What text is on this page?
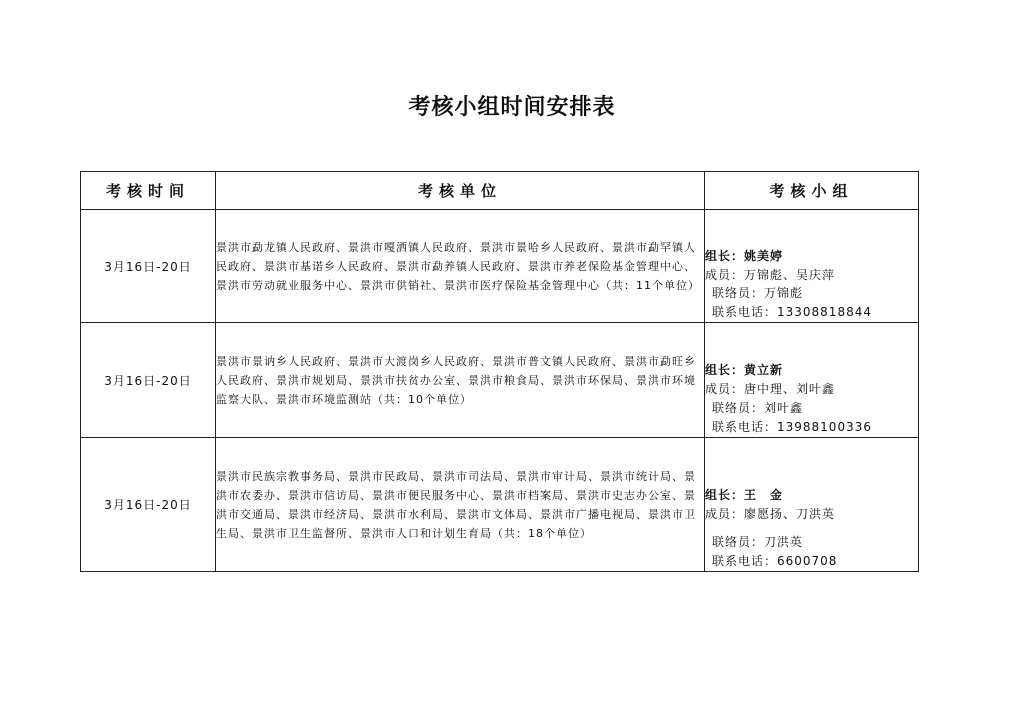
考核小组时间安排表
考核时间	考核单位	考核小组
3月16日-20日	景洪市勐龙镇人民政府、景洪市嘎洒镇人民政府、景洪市景哈乡人民政府、景洪市勐罕镇人民政府、景洪市基诺乡人民政府、景洪市勐养镇人民政府、景洪市养老保险基金管理中心、景洪市劳动就业服务中心、景洪市供销社、景洪市医疗保险基金管理中心（共：11个单位）	组长：姚美婷
成员：万锦彪、吴庆萍
联络员：万锦彪
联系电话：13308818844

3月16日-20日	景洪市景讷乡人民政府、景洪市大渡岗乡人民政府、景洪市普文镇人民政府、景洪市勐旺乡人民政府、景洪市规划局、景洪市扶贫办公室、景洪市粮食局、景洪市环保局、景洪市环境监察大队、景洪市环境监测站（共：10个单位）	组长：黄立新
成员：唐中理、刘叶鑫
联络员：刘叶鑫
联系电话：13988100336

3月16日-20日	景洪市民族宗教事务局、景洪市民政局、景洪市司法局、景洪市审计局、景洪市统计局、景洪市农委办、景洪市信访局、景洪市便民服务中心、景洪市档案局、景洪市史志办公室、景洪市交通局、景洪市经济局、景洪市水利局、景洪市文体局、景洪市广播电视局、景洪市卫生局、景洪市卫生监督所、景洪市人口和计划生育局（共：18个单位）	组长：王　金
成员：廖愿扬、刀洪英
联络员：刀洪英
联系电话：6600708
